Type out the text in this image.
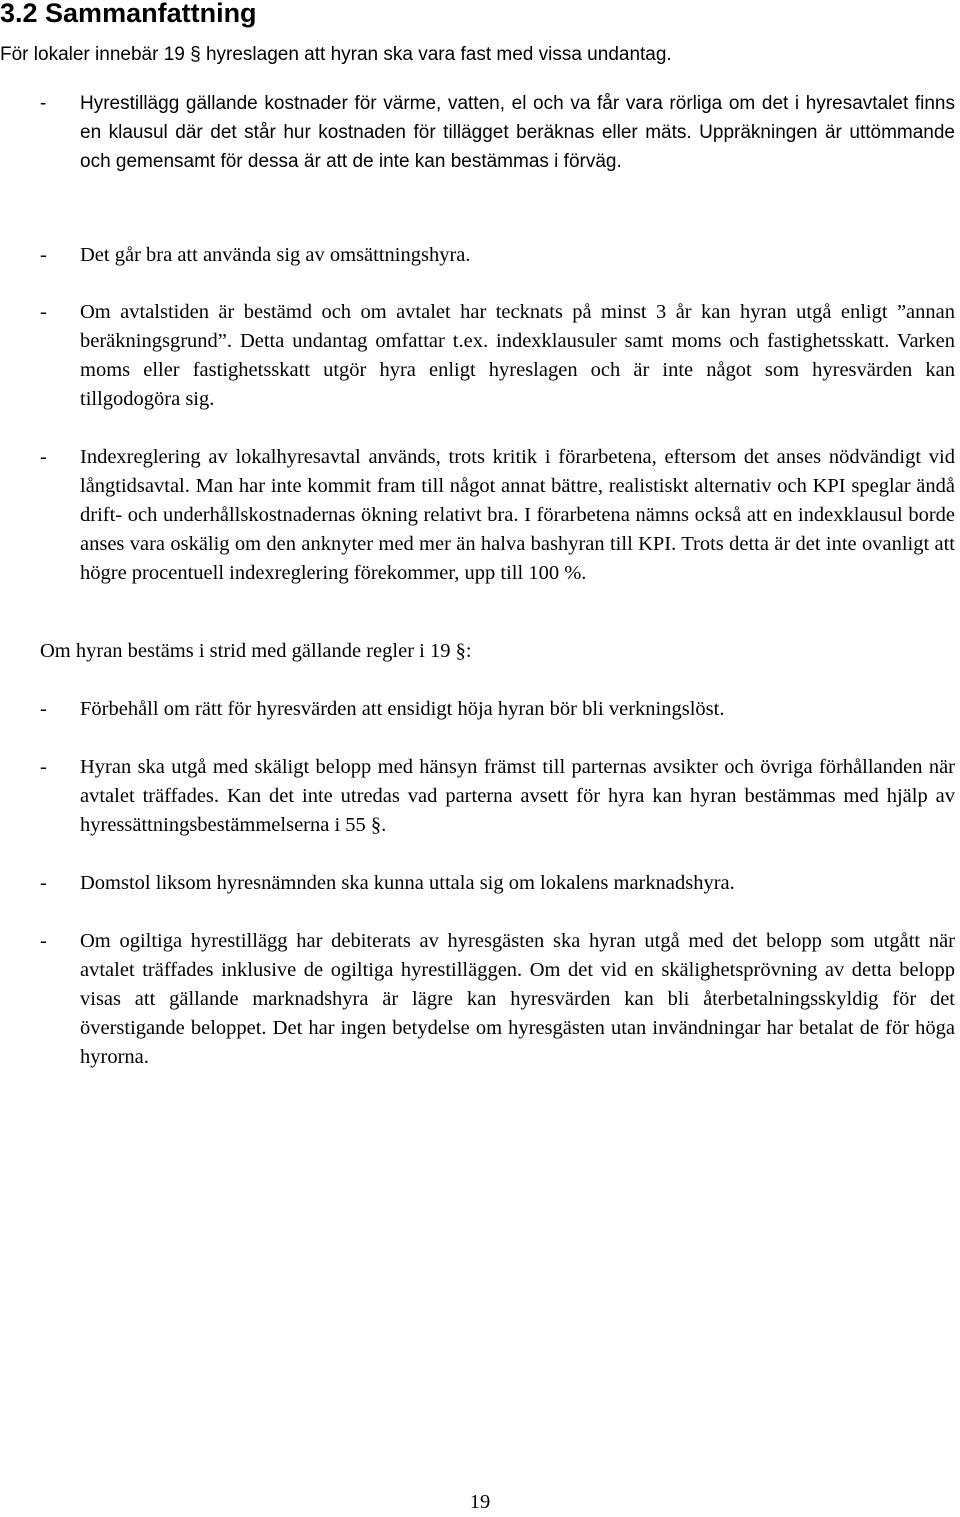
3.2 Sammanfattning

För lokaler innebär 19 § hyreslagen att hyran ska vara fast med vissa undantag.

- Hyrestillägg gällande kostnader för värme, vatten, el och va får vara rörliga om det i hyresavtalet finns en klausul där det står hur kostnaden för tillägget beräknas eller mäts. Uppräkningen är uttömmande och gemensamt för dessa är att de inte kan bestämmas i förväg.

- Det går bra att använda sig av omsättningshyra.

- Om avtalstiden är bestämd och om avtalet har tecknats på minst 3 år kan hyran utgå enligt ”annan beräkningsgrund”. Detta undantag omfattar t.ex. indexklausuler samt moms och fastighetsskatt. Varken moms eller fastighetsskatt utgör hyra enligt hyreslagen och är inte något som hyresvärden kan tillgodogöra sig.

- Indexreglering av lokalhyresavtal används, trots kritik i förarbetena, eftersom det anses nödvändigt vid långtidsavtal. Man har inte kommit fram till något annat bättre, realistiskt alternativ och KPI speglar ändå drift- och underhållskostnadernas ökning relativt bra. I förarbetena nämns också att en indexklausul borde anses vara oskälig om den anknyter med mer än halva bashyran till KPI. Trots detta är det inte ovanligt att högre procentuell indexreglering förekommer, upp till 100 %.

Om hyran bestäms i strid med gällande regler i 19 §:

- Förbehåll om rätt för hyresvärden att ensidigt höja hyran bör bli verkningslöst.

- Hyran ska utgå med skäligt belopp med hänsyn främst till parternas avsikter och övriga förhållanden när avtalet träffades. Kan det inte utredas vad parterna avsett för hyra kan hyran bestämmas med hjälp av hyressättningsbestämmelserna i 55 §.

- Domstol liksom hyresnämnden ska kunna uttala sig om lokalens marknadshyra.

- Om ogiltiga hyrestillägg har debiterats av hyresgästen ska hyran utgå med det belopp som utgått när avtalet träffades inklusive de ogiltiga hyrestilläggen. Om det vid en skälighetsprövning av detta belopp visas att gällande marknadshyra är lägre kan hyresvärden kan bli återbetalningsskyldig för det överstigande beloppet. Det har ingen betydelse om hyresgästen utan invändningar har betalat de för höga hyrorna.

19
